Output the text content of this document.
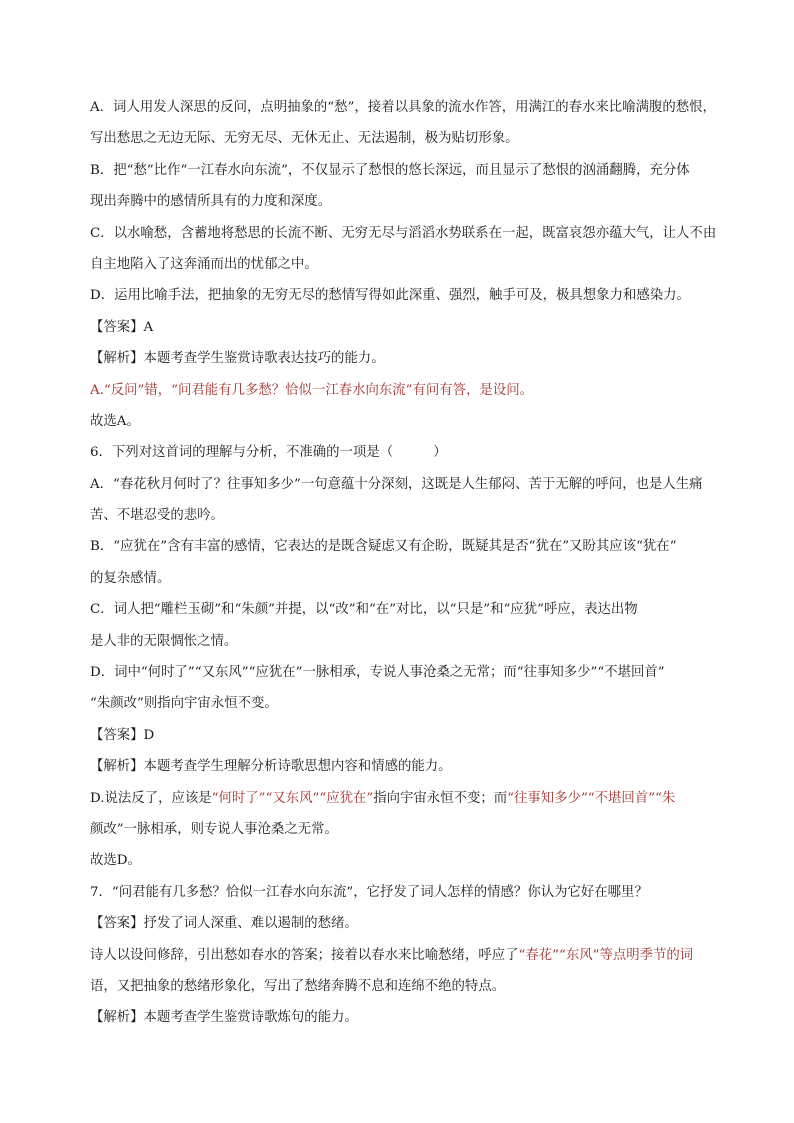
A．词人用发人深思的反问，点明抽象的“愁”，接着以具象的流水作答，用满江的春水来比喻满腹的愁恨，
写出愁思之无边无际、无穷无尽、无休无止、无法遏制，极为贴切形象。
B．把“愁”比作“一江春水向东流”，不仅显示了愁恨的悠长深远，而且显示了愁恨的汹涌翻腾，充分体
现出奔腾中的感情所具有的力度和深度。
C．以水喻愁，含蓄地将愁思的长流不断、无穷无尽与滔滔水势联系在一起，既富哀怨亦蕴大气，让人不由
自主地陷入了这奔涌而出的忧郁之中。
D．运用比喻手法，把抽象的无穷无尽的愁情写得如此深重、强烈，触手可及，极具想象力和感染力。
【答案】A
【解析】本题考查学生鉴赏诗歌表达技巧的能力。
A.“反问”错，“问君能有几多愁？恰似一江春水向东流”有问有答，是设问。
故选A。
6．下列对这首词的理解与分析，不准确的一项是（　　　）
A．“春花秋月何时了？往事知多少”一句意蕴十分深刻，这既是人生郁闷、苦于无解的呼问，也是人生痛
苦、不堪忍受的悲吟。
B．“应犹在”含有丰富的感情，它表达的是既含疑虑又有企盼，既疑其是否“犹在”又盼其应该“犹在”
的复杂感情。
C．词人把“雕栏玉砌”和“朱颜”并提，以“改”和“在”对比，以“只是”和“应犹”呼应，表达出物
是人非的无限惆怅之情。
D．词中“何时了”“又东风”“应犹在”一脉相承，专说人事沧桑之无常；而“往事知多少”“不堪回首”
“朱颜改”则指向宇宙永恒不变。
【答案】D
【解析】本题考查学生理解分析诗歌思想内容和情感的能力。
D.说法反了，应该是“何时了”“又东风”“应犹在”指向宇宙永恒不变；而“往事知多少”“不堪回首”“朱
颜改”一脉相承，则专说人事沧桑之无常。
故选D。
7．“问君能有几多愁？恰似一江春水向东流”，它抒发了词人怎样的情感？你认为它好在哪里？
【答案】抒发了词人深重、难以遏制的愁绪。
诗人以设问修辞，引出愁如春水的答案；接着以春水来比喻愁绪，呼应了“春花”“东风”等点明季节的词
语，又把抽象的愁绪形象化，写出了愁绪奔腾不息和连绵不绝的特点。
【解析】本题考查学生鉴赏诗歌炼句的能力。
